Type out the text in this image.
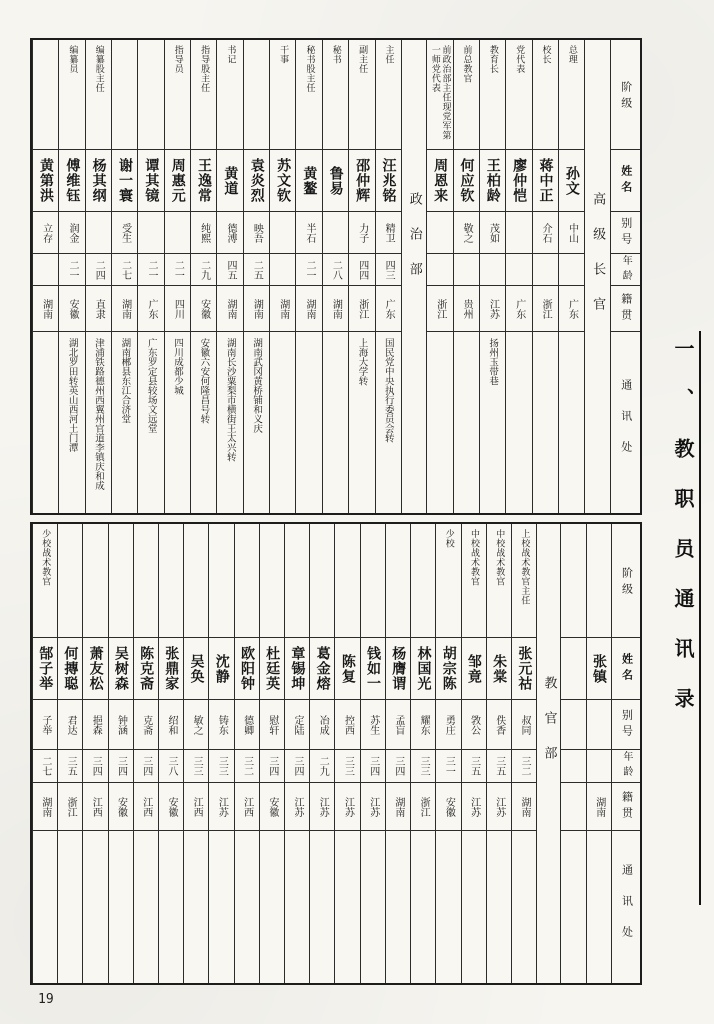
阶级
姓名
别号
年龄
籍贯
通讯处
高级长官
总理
孙文
中山
广东
校长
蒋中正
介石
浙江
党代表
廖仲恺
广东
教育长
王柏龄
茂如
江苏
扬州玉带巷
前总教官
何应钦
敬之
贵州
前政治部主任现党军第一师党代表
周恩来
浙江
政治部
主任
汪兆铭
精卫
四三
广东
国民党中央执行委员会转
副主任
邵仲辉
力子
四四
浙江
上海大学转
秘书
鲁易
二八
湖南
秘书股主任
黄鳌
半石
二一
湖南
干事
苏文钦
湖南
袁炎烈
映吾
二五
湖南
湖南武冈黄桥铺和义庆
书记
黄道
德溥
四五
湖南
湖南长沙粟梨市横街王太兴转
指导股主任
王逸常
纯熙
二九
安徽
安徽六安何隆昌号转
指导员
周惠元
二一
四川
四川成都少城
谭其镜
二一
广东
广东罗定县较场文远堂
谢一寰
受生
二七
湖南
湖南郴县东江合济堂
编纂股主任
杨其纲
二四
直隶
津浦铁路德州西翼州官道李镇庆和成
编纂员
傅维钰
润金
二一
安徽
湖北罗田转英山西河土门潭
黄第洪
立存
湖南
阶级
姓名
别号
年龄
籍贯
通讯处
张镇
湖南
教官部
上校战术教官主任
张元祜
叔同
三二
湖南
中校战术教官
朱棠
佚香
三五
江苏
中校战术教官
邹竟
敩公
三五
江苏
少校
胡宗陈
勇庄
三一
安徽
林国光
耀东
三三
浙江
杨膺谓
孟盲
三四
湖南
钱如一
苏生
三四
江苏
陈复
控西
三三
江苏
葛金熔
冶成
二九
江苏
章锡坤
定陆
三四
江苏
杜廷英
慰轩
三四
安徽
欧阳钟
德卿
三二
江西
沈静
铸东
三三
江苏
吴奂
敏之
三三
江西
张鼎家
绍和
三八
安徽
陈克斋
克斋
三四
江西
吴树森
钟涵
三四
安徽
萧友松
挹森
三四
江西
何摶聪
君达
三五
浙江
少校战术教官
郜子举
子举
二七
湖南
一、教职员通讯录
19
